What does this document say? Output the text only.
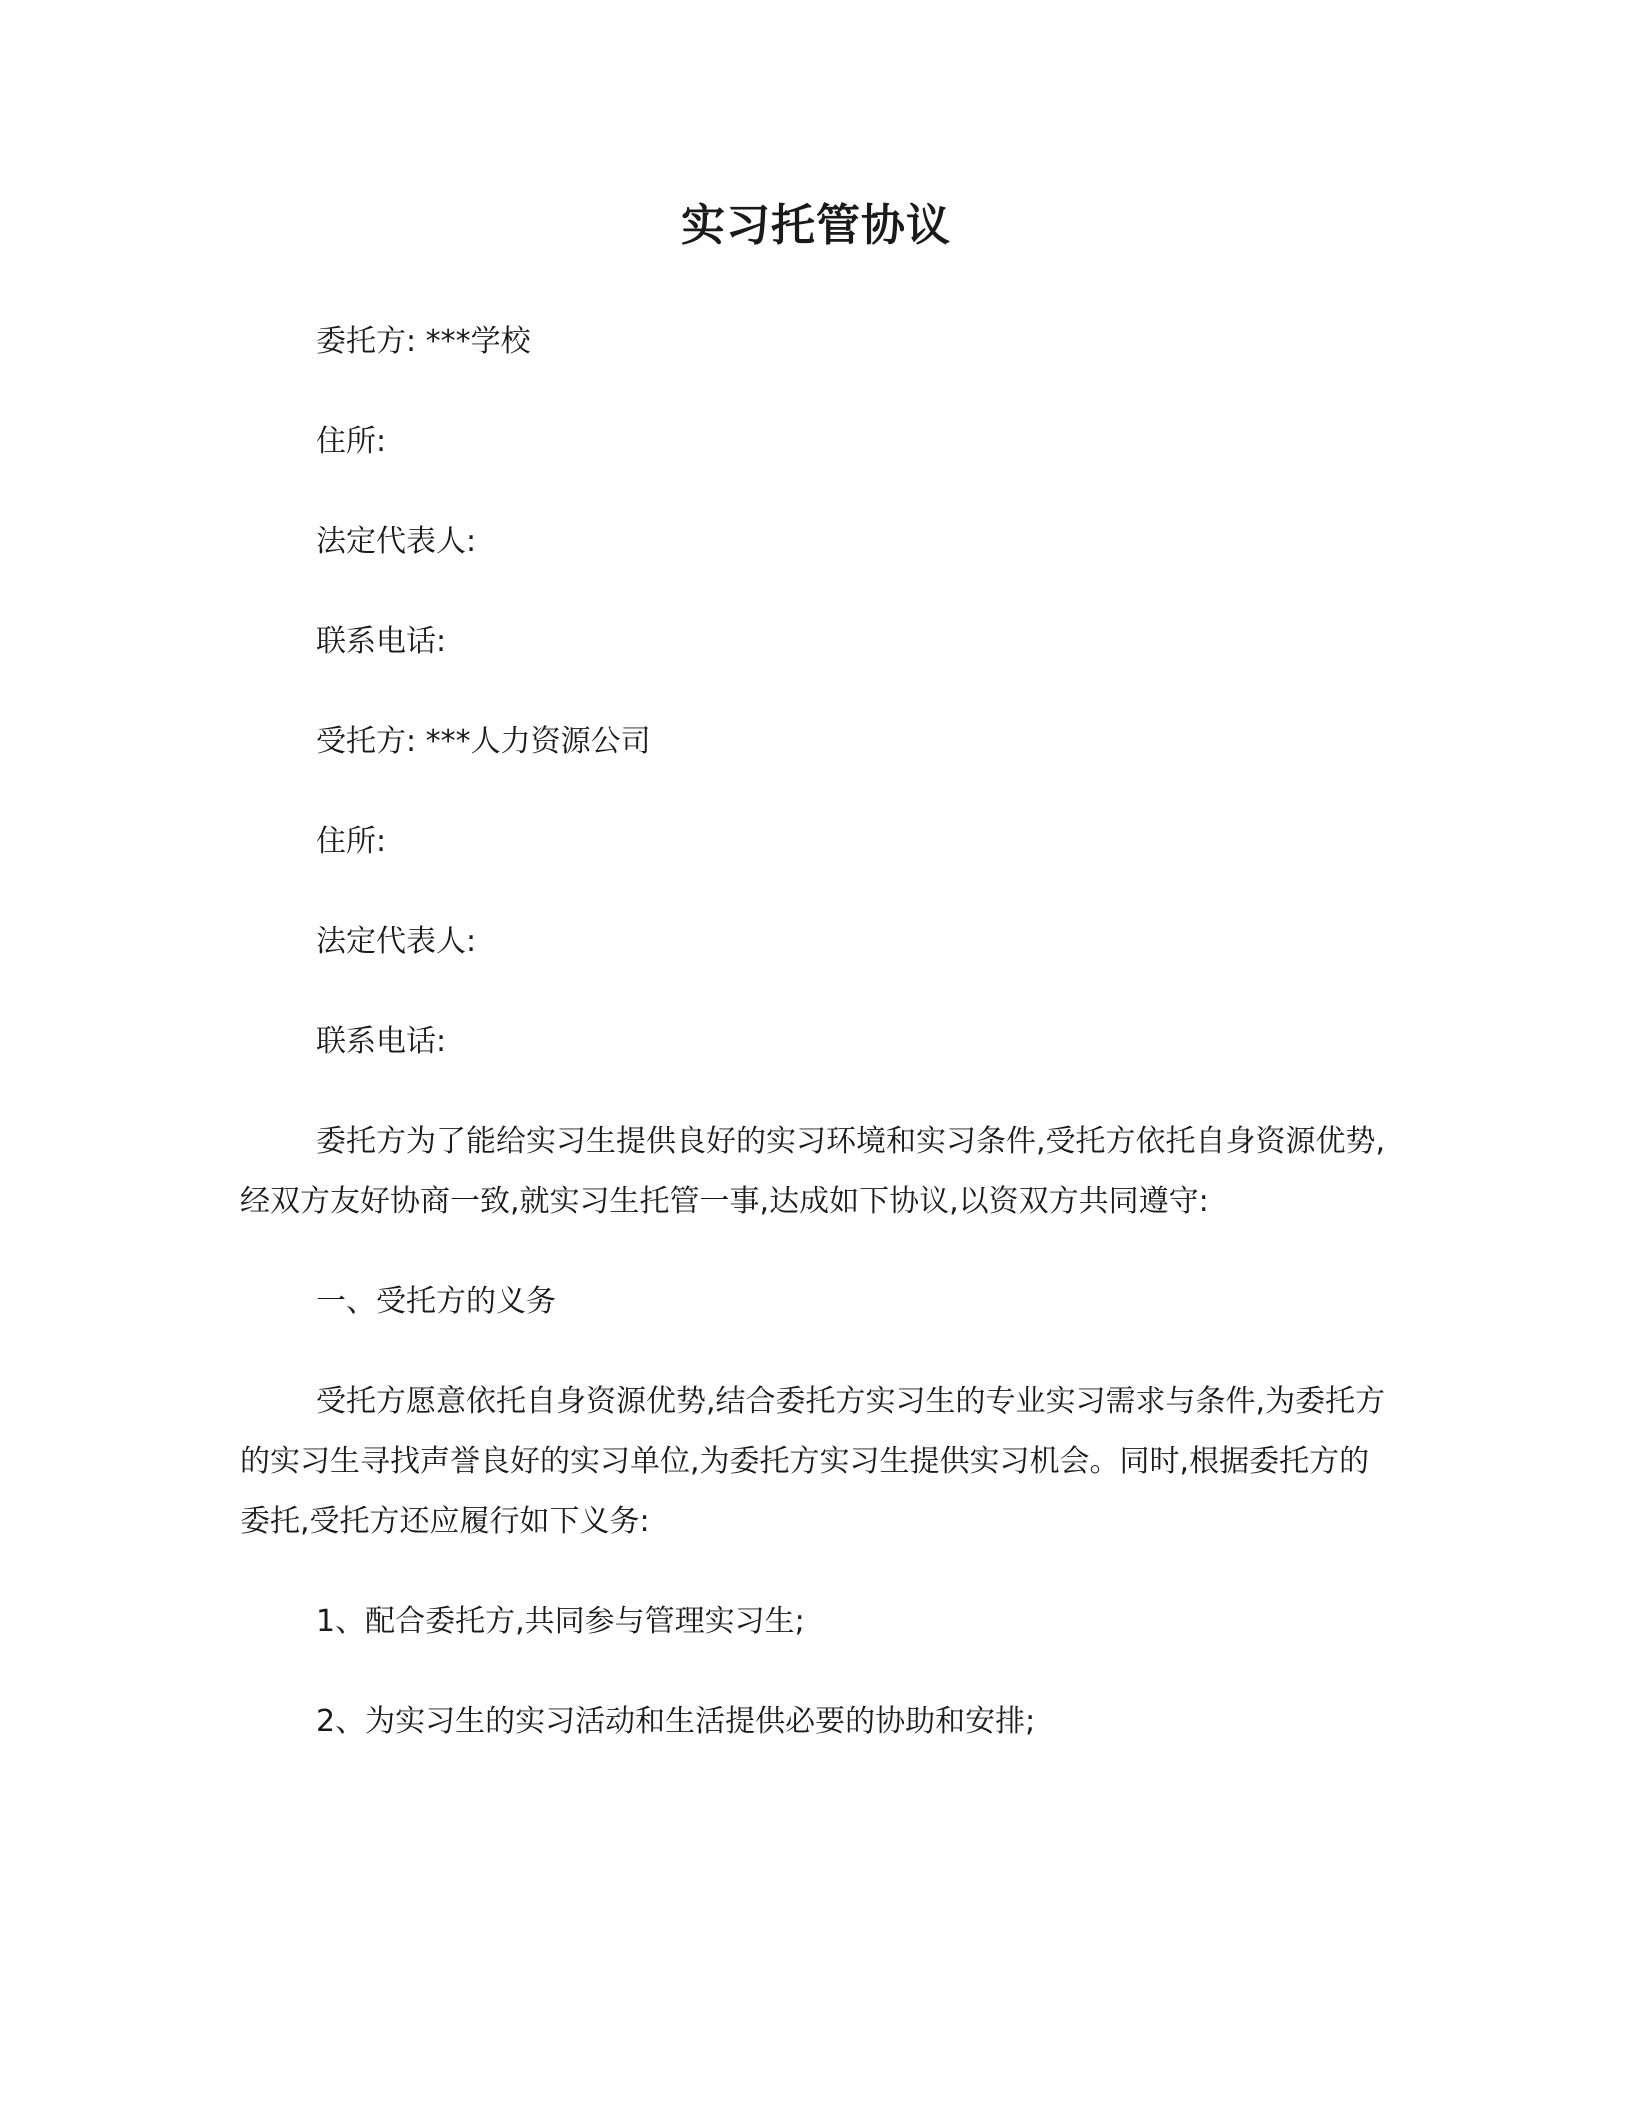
实习托管协议
委托方: ***学校
住所:
法定代表人:
联系电话:
受托方: ***人力资源公司
住所:
法定代表人:
联系电话:
委托方为了能给实习生提供良好的实习环境和实习条件,受托方依托自身资源优势,经双方友好协商一致,就实习生托管一事,达成如下协议,以资双方共同遵守:
一、受托方的义务
受托方愿意依托自身资源优势,结合委托方实习生的专业实习需求与条件,为委托方的实习生寻找声誉良好的实习单位,为委托方实习生提供实习机会。同时,根据委托方的委托,受托方还应履行如下义务:
1、配合委托方,共同参与管理实习生;
2、为实习生的实习活动和生活提供必要的协助和安排;
